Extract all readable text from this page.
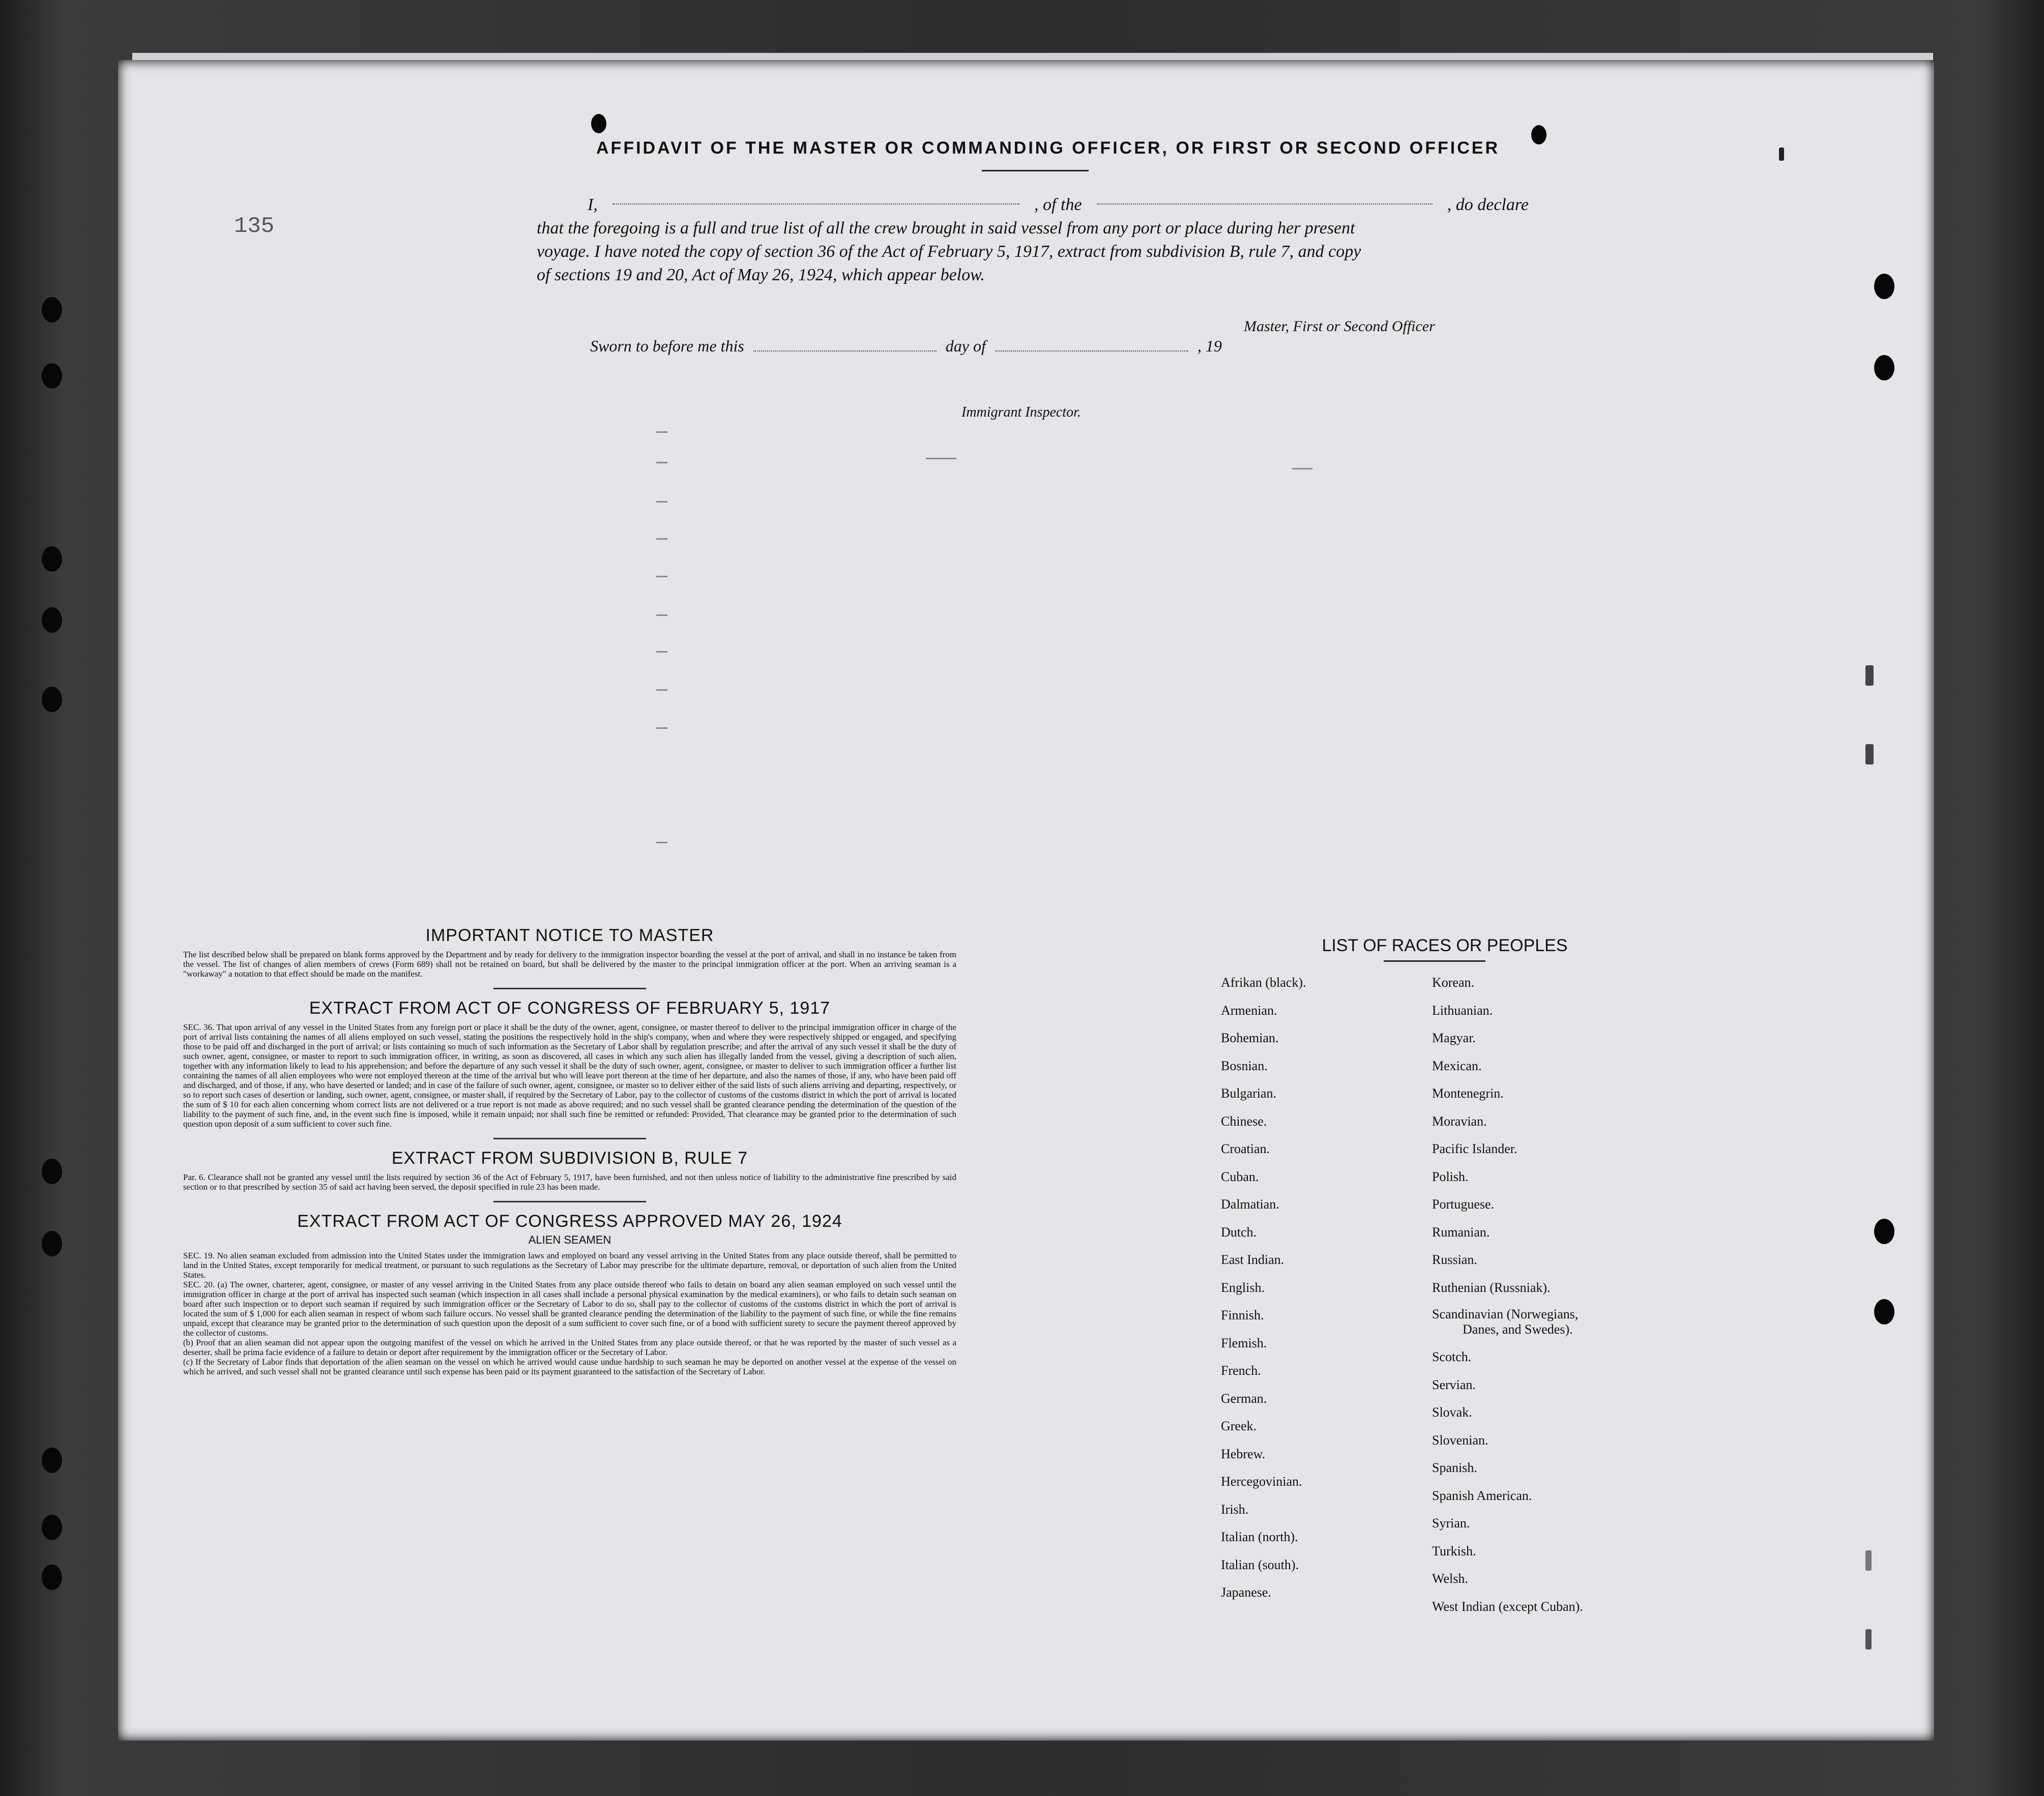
135
AFFIDAVIT OF THE MASTER OR COMMANDING OFFICER, OR FIRST OR SECOND OFFICER
I,	, of the	, do declare
that the foregoing is a full and true list of all the crew brought in said vessel from any port or place during her present
voyage. I have noted the copy of section 36 of the Act of February 5, 1917, extract from subdivision B, rule 7, and copy
of sections 19 and 20, Act of May 26, 1924, which appear below.
Master, First or Second Officer
Sworn to before me this	day of	, 19
Immigrant Inspector.

IMPORTANT NOTICE TO MASTER

The list described below shall be prepared on blank forms approved by the Department and by ready for delivery to the immigration inspector boarding the vessel at the port of arrival, and shall in no instance be taken from the vessel. The list of changes of alien members of crews (Form 689) shall not be retained on board, but shall be delivered by the master to the principal immigration officer at the port. When an arriving seaman is a "workaway" a notation to that effect should be made on the manifest.

EXTRACT FROM ACT OF CONGRESS OF FEBRUARY 5, 1917

SEC. 36. That upon arrival of any vessel in the United States from any foreign port or place it shall be the duty of the owner, agent, consignee, or master thereof to deliver to the principal immigration officer in charge of the port of arrival lists containing the names of all aliens employed on such vessel, stating the positions the respectively hold in the ship's company, when and where they were respectively shipped or engaged, and specifying those to be paid off and discharged in the port of arrival; or lists containing so much of such information as the Secretary of Labor shall by regulation prescribe; and after the arrival of any such vessel it shall be the duty of such owner, agent, consignee, or master to report to such immigration officer, in writing, as soon as discovered, all cases in which any such alien has illegally landed from the vessel, giving a description of such alien, together with any information likely to lead to his apprehension; and before the departure of any such vessel it shall be the duty of such owner, agent, consignee, or master to deliver to such immigration officer a further list containing the names of all alien employees who were not employed thereon at the time of the arrival but who will leave port thereon at the time of her departure, and also the names of those, if any, who have been paid off and discharged, and of those, if any, who have deserted or landed; and in case of the failure of such owner, agent, consignee, or master so to deliver either of the said lists of such aliens arriving and departing, respectively, or so to report such cases of desertion or landing, such owner, agent, consignee, or master shall, if required by the Secretary of Labor, pay to the collector of customs of the customs district in which the port of arrival is located the sum of $ 10 for each alien concerning whom correct lists are not delivered or a true report is not made as above required; and no such vessel shall be granted clearance pending the determination of the question of the liability to the payment of such fine, and, in the event such fine is imposed, while it remain unpaid; nor shall such fine be remitted or refunded: Provided, That clearance may be granted prior to the determination of such question upon deposit of a sum sufficient to cover such fine.

EXTRACT FROM SUBDIVISION B, RULE 7

Par. 6. Clearance shall not be granted any vessel until the lists required by section 36 of the Act of February 5, 1917, have been furnished, and not then unless notice of liability to the administrative fine prescribed by said section or to that prescribed by section 35 of said act having been served, the deposit specified in rule 23 has been made.

EXTRACT FROM ACT OF CONGRESS APPROVED MAY 26, 1924

ALIEN SEAMEN

SEC. 19. No alien seaman excluded from admission into the United States under the immigration laws and employed on board any vessel arriving in the United States from any place outside thereof, shall be permitted to land in the United States, except temporarily for medical treatment, or pursuant to such regulations as the Secretary of Labor may prescribe for the ultimate departure, removal, or deportation of such alien from the United States.

SEC. 20. (a) The owner, charterer, agent, consignee, or master of any vessel arriving in the United States from any place outside thereof who fails to detain on board any alien seaman employed on such vessel until the immigration officer in charge at the port of arrival has inspected such seaman (which inspection in all cases shall include a personal physical examination by the medical examiners), or who fails to detain such seaman on board after such inspection or to deport such seaman if required by such immigration officer or the Secretary of Labor to do so, shall pay to the collector of customs of the customs district in which the port of arrival is located the sum of $ 1,000 for each alien seaman in respect of whom such failure occurs. No vessel shall be granted clearance pending the determination of the liability to the payment of such fine, or while the fine remains unpaid, except that clearance may be granted prior to the determination of such question upon the deposit of a sum sufficient to cover such fine, or of a bond with sufficient surety to secure the payment thereof approved by the collector of customs.

(b) Proof that an alien seaman did not appear upon the outgoing manifest of the vessel on which he arrived in the United States from any place outside thereof, or that he was reported by the master of such vessel as a deserter, shall be prima facie evidence of a failure to detain or deport after requirement by the immigration officer or the Secretary of Labor.

(c) If the Secretary of Labor finds that deportation of the alien seaman on the vessel on which he arrived would cause undue hardship to such seaman he may be deported on another vessel at the expense of the vessel on which he arrived, and such vessel shall not be granted clearance until such expense has been paid or its payment guaranteed to the satisfaction of the Secretary of Labor.

LIST OF RACES OR PEOPLES
Afrikan (black).
Armenian.
Bohemian.
Bosnian.
Bulgarian.
Chinese.
Croatian.
Cuban.
Dalmatian.
Dutch.
East Indian.
English.
Finnish.
Flemish.
French.
German.
Greek.
Hebrew.
Hercegovinian.
Irish.
Italian (north).
Italian (south).
Japanese.
Korean.
Lithuanian.
Magyar.
Mexican.
Montenegrin.
Moravian.
Pacific Islander.
Polish.
Portuguese.
Rumanian.
Russian.
Ruthenian (Russniak).
Scandinavian (Norwegians,
Danes, and Swedes).
Scotch.
Servian.
Slovak.
Slovenian.
Spanish.
Spanish American.
Syrian.
Turkish.
Welsh.
West Indian (except Cuban).
